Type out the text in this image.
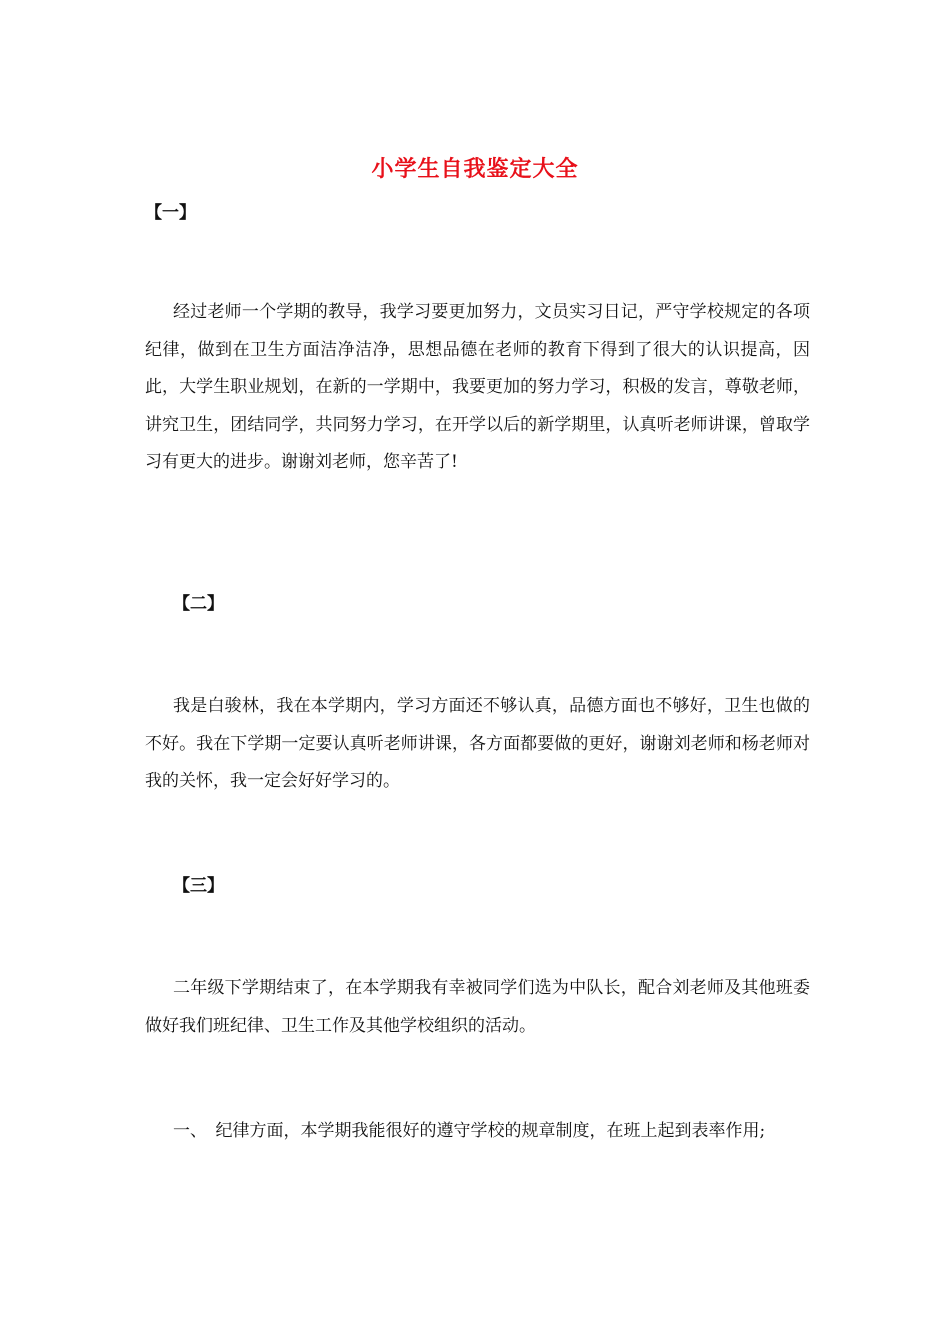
小学生自我鉴定大全
【一】

经过老师一个学期的教导，我学习要更加努力，文员实习日记，严守学校规定的各项纪律，做到在卫生方面洁净洁净，思想品德在老师的教育下得到了很大的认识提高，因此，大学生职业规划，在新的一学期中，我要更加的努力学习，积极的发言，尊敬老师，讲究卫生，团结同学，共同努力学习，在开学以后的新学期里，认真听老师讲课，曾取学习有更大的进步。谢谢刘老师，您辛苦了!

【二】

我是白骏林，我在本学期内，学习方面还不够认真，品德方面也不够好，卫生也做的不好。我在下学期一定要认真听老师讲课，各方面都要做的更好，谢谢刘老师和杨老师对我的关怀，我一定会好好学习的。

【三】

二年级下学期结束了，在本学期我有幸被同学们选为中队长，配合刘老师及其他班委做好我们班纪律、卫生工作及其他学校组织的活动。

一、　纪律方面，本学期我能很好的遵守学校的规章制度，在班上起到表率作用;
